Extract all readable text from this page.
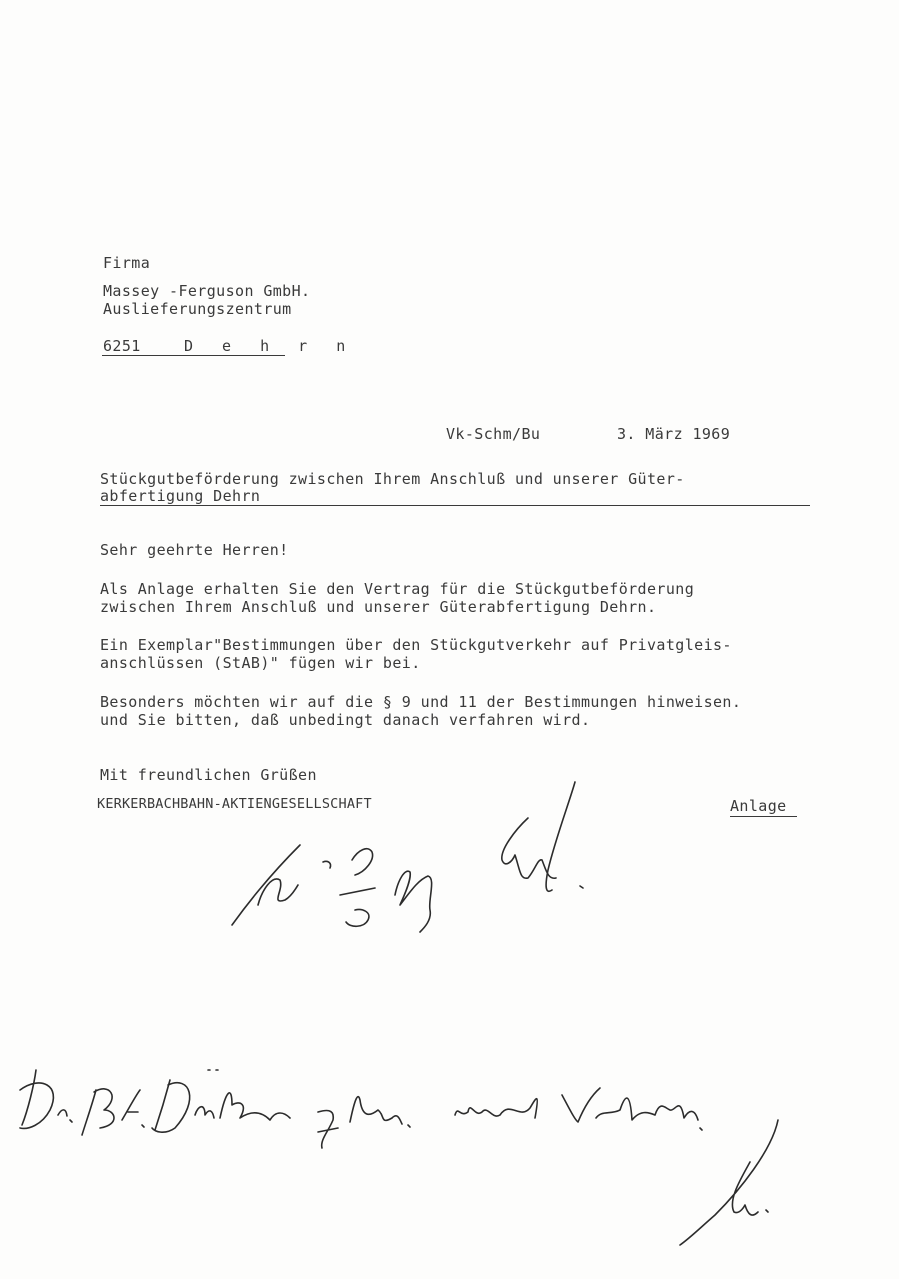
Firma
Massey -Ferguson GmbH.
Auslieferungszentrum
6251	D e h r n
Vk-Schm/Bu	3. März 1969
Stückgutbeförderung zwischen Ihrem Anschluß und unserer Güter-
abfertigung Dehrn
Sehr geehrte Herren!
Als Anlage erhalten Sie den Vertrag für die Stückgutbeförderung
zwischen Ihrem Anschluß und unserer Güterabfertigung Dehrn.
Ein Exemplar"Bestimmungen über den Stückgutverkehr auf Privatgleis-
anschlüssen (StAB)" fügen wir bei.
Besonders möchten wir auf die § 9 und 11 der Bestimmungen hinweisen.
und Sie bitten, daß unbedingt danach verfahren wird.
Mit freundlichen Grüßen
KERKERBACHBAHN-AKTIENGESELLSCHAFT	Anlage
